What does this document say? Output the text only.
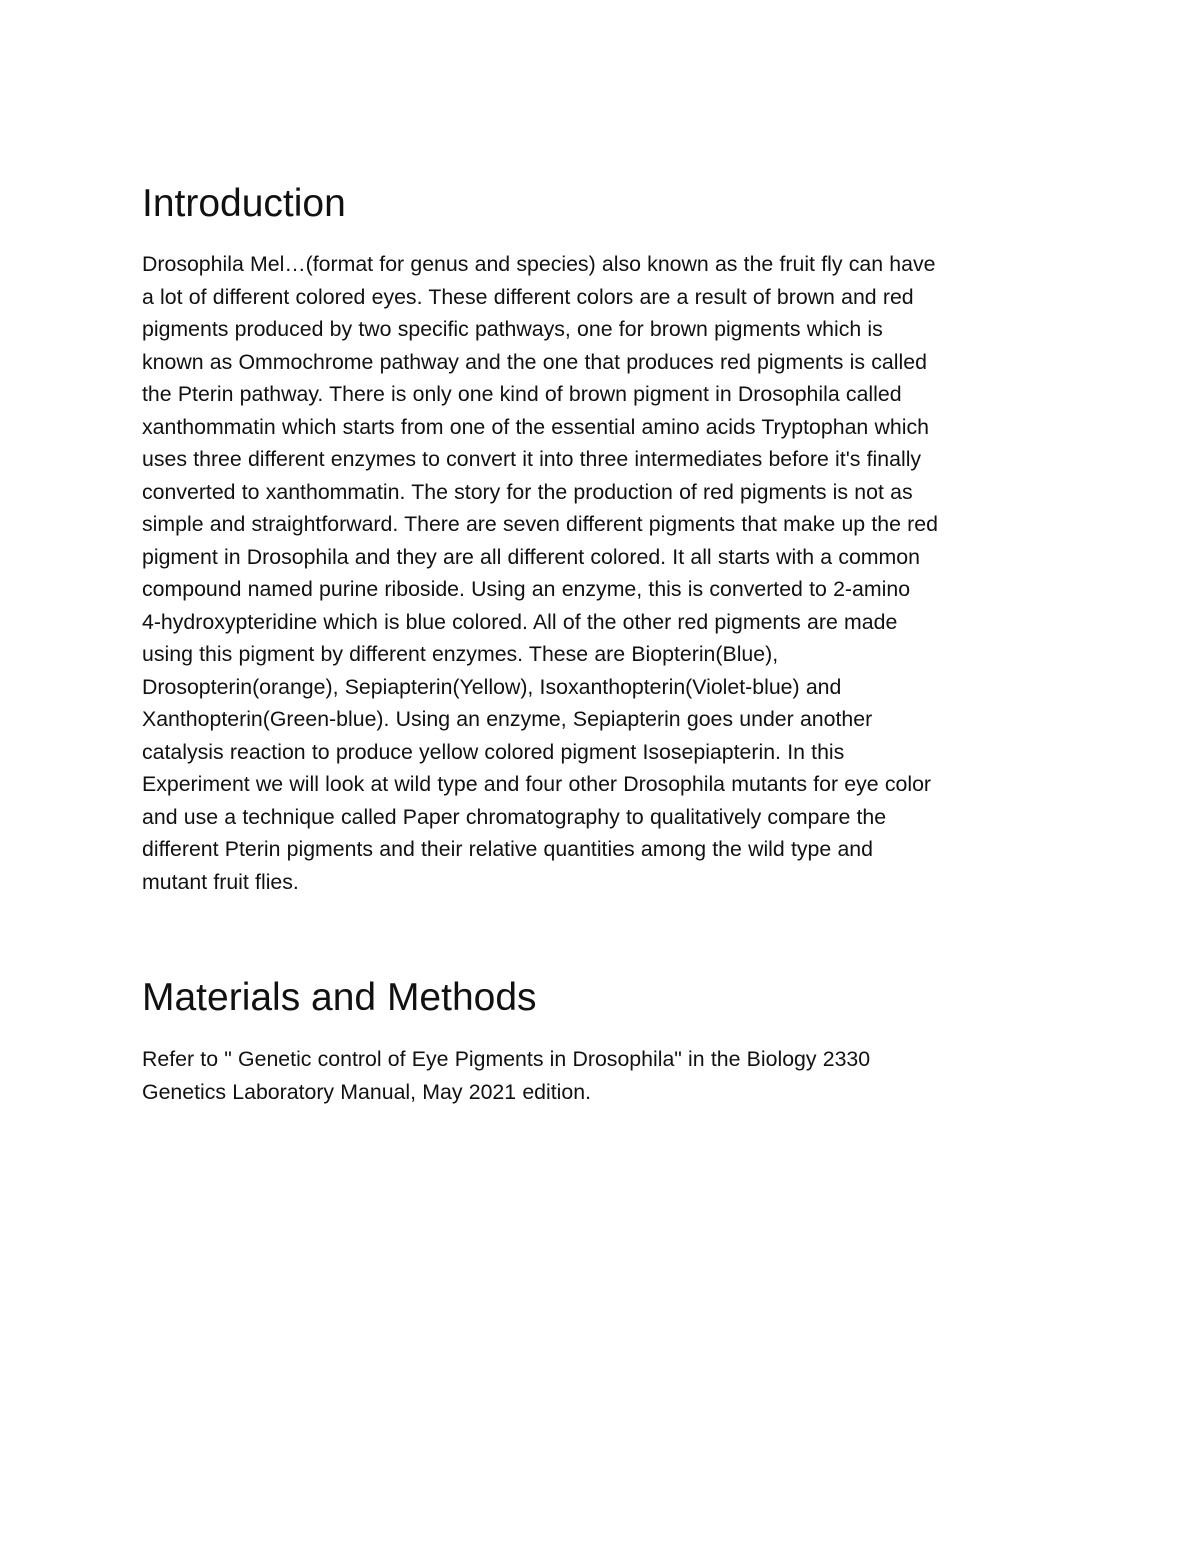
Introduction

Drosophila Mel…(format for genus and species) also known as the fruit fly can have
a lot of different colored eyes. These different colors are a result of brown and red
pigments produced by two specific pathways, one for brown pigments which is
known as Ommochrome pathway and the one that produces red pigments is called
the Pterin pathway. There is only one kind of brown pigment in Drosophila called
xanthommatin which starts from one of the essential amino acids Tryptophan which
uses three different enzymes to convert it into three intermediates before it's finally
converted to xanthommatin. The story for the production of red pigments is not as
simple and straightforward. There are seven different pigments that make up the red
pigment in Drosophila and they are all different colored. It all starts with a common
compound named purine riboside. Using an enzyme, this is converted to 2-amino
4-hydroxypteridine which is blue colored. All of the other red pigments are made
using this pigment by different enzymes. These are Biopterin(Blue),
Drosopterin(orange), Sepiapterin(Yellow), Isoxanthopterin(Violet-blue) and
Xanthopterin(Green-blue). Using an enzyme, Sepiapterin goes under another
catalysis reaction to produce yellow colored pigment Isosepiapterin. In this
Experiment we will look at wild type and four other Drosophila mutants for eye color
and use a technique called Paper chromatography to qualitatively compare the
different Pterin pigments and their relative quantities among the wild type and
mutant fruit flies.

Materials and Methods

Refer to " Genetic control of Eye Pigments in Drosophila" in the Biology 2330
Genetics Laboratory Manual, May 2021 edition.
